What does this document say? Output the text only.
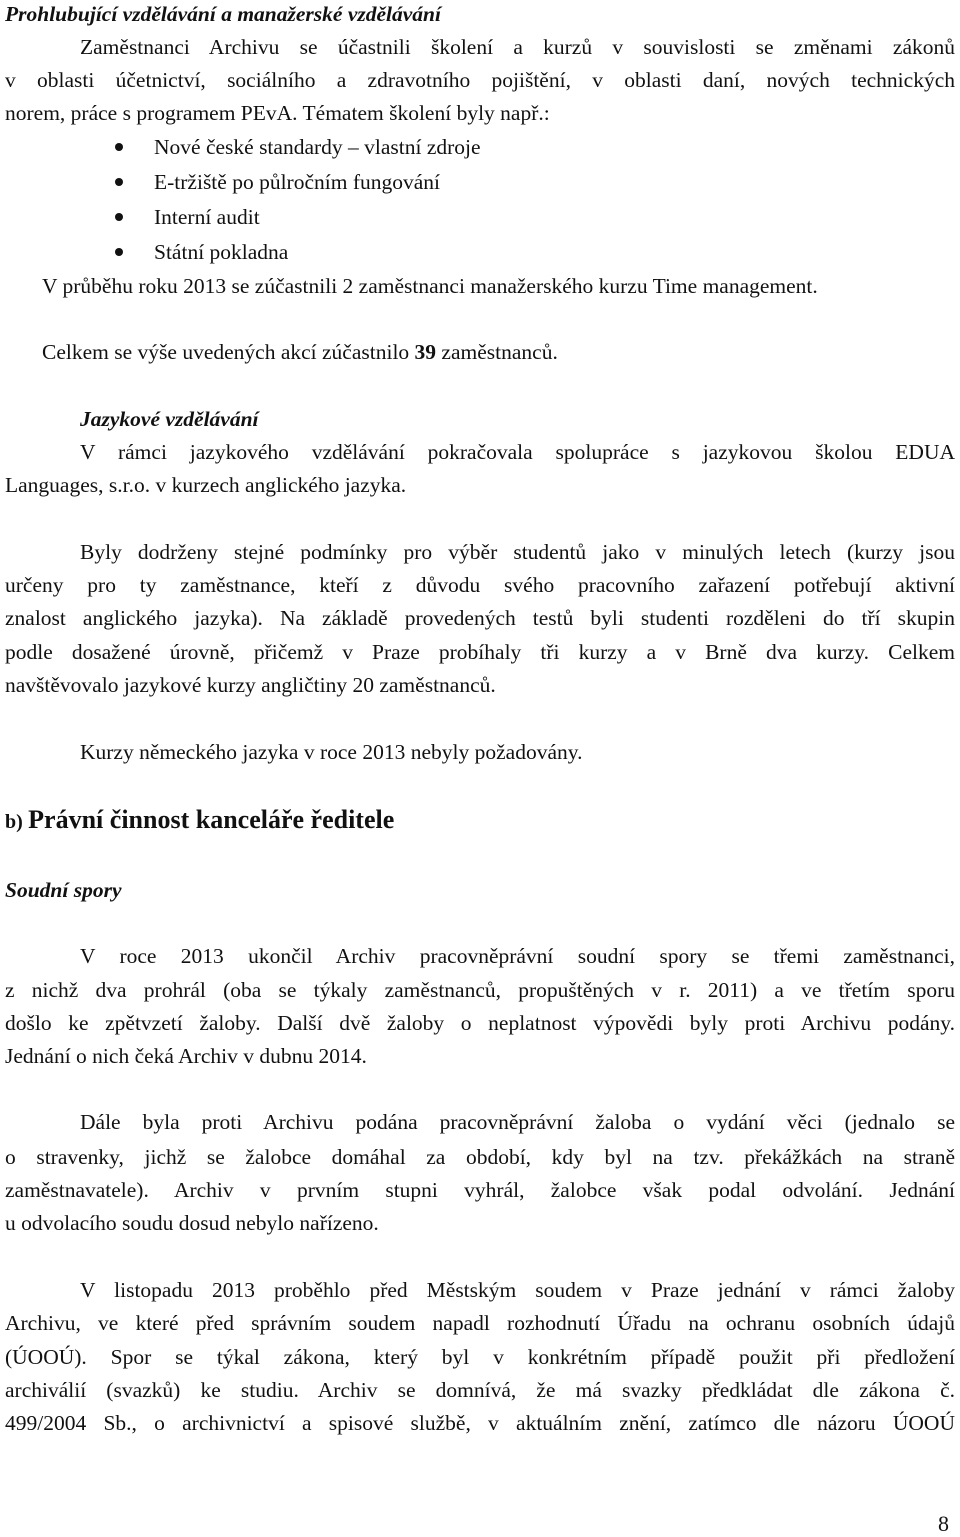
Prohlubující vzdělávání a manažerské vzdělávání
Zaměstnanci Archivu se účastnili školení a kurzů v souvislosti se změnami zákonů
v oblasti účetnictví, sociálního a zdravotního pojištění, v oblasti daní, nových technických
norem, práce s programem PEvA. Tématem školení byly např.:
Nové české standardy – vlastní zdroje
E-tržiště po půlročním fungování
Interní audit
Státní pokladna
V průběhu roku 2013 se zúčastnili 2 zaměstnanci manažerského kurzu Time management.
Celkem se výše uvedených akcí zúčastnilo 39 zaměstnanců.
Jazykové vzdělávání
V rámci jazykového vzdělávání pokračovala spolupráce s jazykovou školou EDUA
Languages, s.r.o. v kurzech anglického jazyka.
Byly dodrženy stejné podmínky pro výběr studentů jako v minulých letech (kurzy jsou
určeny pro ty zaměstnance, kteří z důvodu svého pracovního zařazení potřebují aktivní
znalost anglického jazyka). Na základě provedených testů byli studenti rozděleni do tří skupin
podle dosažené úrovně, přičemž v Praze probíhaly tři kurzy a v Brně dva kurzy. Celkem
navštěvovalo jazykové kurzy angličtiny 20 zaměstnanců.
Kurzy německého jazyka v roce 2013 nebyly požadovány.
b) Právní činnost kanceláře ředitele
Soudní spory
V roce 2013 ukončil Archiv pracovněprávní soudní spory se třemi zaměstnanci,
z nichž dva prohrál (oba se týkaly zaměstnanců, propuštěných v r. 2011) a ve třetím sporu
došlo ke zpětvzetí žaloby. Další dvě žaloby o neplatnost výpovědi byly proti Archivu podány.
Jednání o nich čeká Archiv v dubnu 2014.
Dále byla proti Archivu podána pracovněprávní žaloba o vydání věci (jednalo se
o stravenky, jichž se žalobce domáhal za období, kdy byl na tzv. překážkách na straně
zaměstnavatele). Archiv v prvním stupni vyhrál, žalobce však podal odvolání. Jednání
u odvolacího soudu dosud nebylo nařízeno.
V listopadu 2013 proběhlo před Městským soudem v Praze jednání v rámci žaloby
Archivu, ve které před správním soudem napadl rozhodnutí Úřadu na ochranu osobních údajů
(ÚOOÚ). Spor se týkal zákona, který byl v konkrétním případě použit při předložení
archiválií (svazků) ke studiu. Archiv se domnívá, že má svazky předkládat dle zákona č.
499/2004 Sb., o archivnictví a spisové službě, v aktuálním znění, zatímco dle názoru ÚOOÚ
8
